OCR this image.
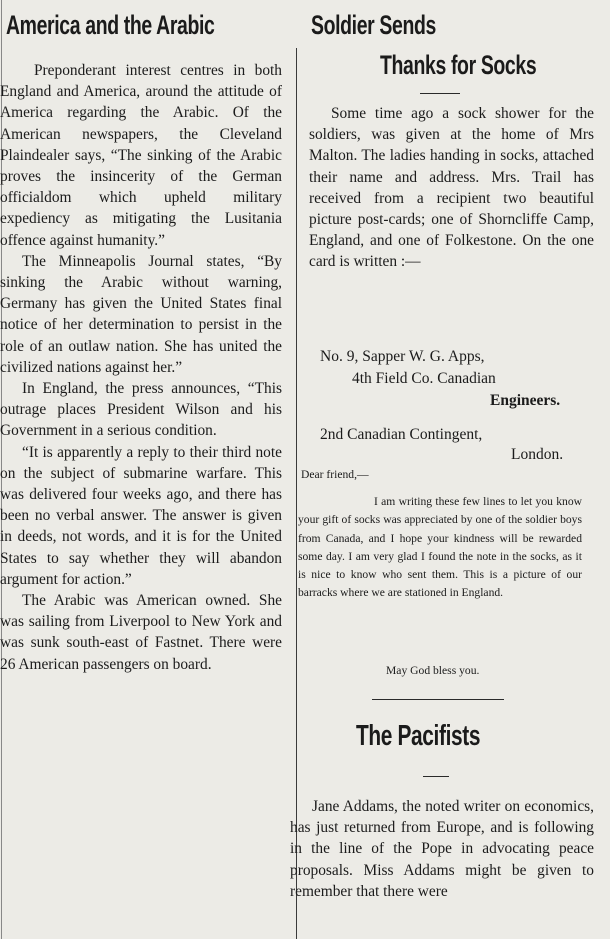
America and the Arabic	Soldier Sends
Thanks for Socks

Preponderant interest centres in both England and America, around the attitude of America regarding the Arabic. Of the American newspapers, the Cleveland Plaindealer says, “The sinking of the Arabic proves the insincerity of the German officialdom which upheld military expediency as mitigating the Lusitania offence against humanity.”

The Minneapolis Journal states, “By sinking the Arabic without warning, Germany has given the United States final notice of her determination to persist in the role of an outlaw nation. She has united the civilized nations against her.”

In England, the press announces, “This outrage places President Wilson and his Government in a serious condition.

“It is apparently a reply to their third note on the subject of submarine warfare. This was delivered four weeks ago, and there has been no verbal answer. The answer is given in deeds, not words, and it is for the United States to say whether they will abandon argument for action.”

The Arabic was American owned. She was sailing from Liverpool to New York and was sunk south-east of Fastnet. There were 26 American passengers on board.

Some time ago a sock shower for the soldiers, was given at the home of Mrs Malton. The ladies handing in socks, attached their name and address. Mrs. Trail has received from a recipient two beautiful picture post-cards; one of Shorncliffe Camp, England, and one of Folkestone. On the one card is written :—

No. 9, Sapper W. G. Apps,
4th Field Co. Canadian
Engineers.
2nd Canadian Contingent,
London.
Dear friend,—

I am writing these few lines to let you know your gift of socks was appreciated by one of the soldier boys from Canada, and I hope your kindness will be rewarded some day. I am very glad I found the note in the socks, as it is nice to know who sent them. This is a picture of our barracks where we are stationed in England.

May God bless you.
The Pacifists

Jane Addams, the noted writer on economics, has just returned from Europe, and is following in the line of the Pope in advocating peace proposals. Miss Addams might be given to remember that there were
